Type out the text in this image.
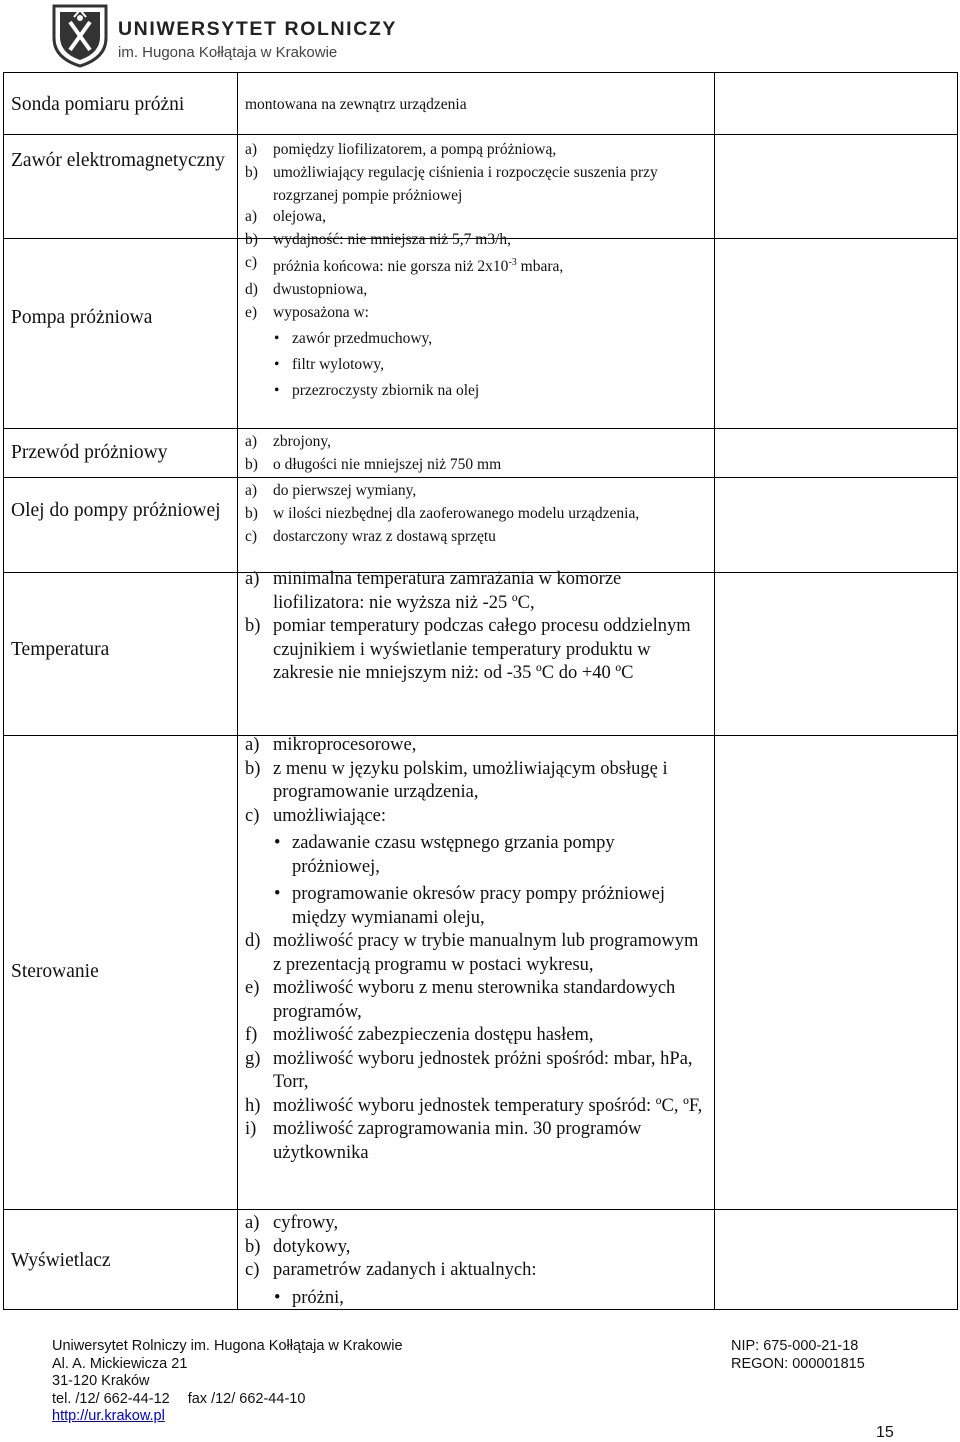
UNIWERSYTET ROLNICZY
im. Hugona Kołłątaja w Krakowie
Sonda pomiaru próżni	montowana na zewnątrz urządzenia
Zawór elektromagnetyczny
a) pomiędzy liofilizatorem, a pompą próżniową,
b) umożliwiający regulację ciśnienia i rozpoczęcie suszenia przy rozgrzanej pompie próżniowej
Pompa próżniowa
a) olejowa,
b) wydajność: nie mniejsza niż 5,7 m3/h,
c) próżnia końcowa: nie gorsza niż $2x10^{-3}$ mbara,
d) dwustopniowa,
e) wyposażona w:
• zawór przedmuchowy,
• filtr wylotowy,
• przezroczysty zbiornik na olej
Przewód próżniowy
a) zbrojony,
b) o długości nie mniejszej niż 750 mm
Olej do pompy próżniowej
a) do pierwszej wymiany,
b) w ilości niezbędnej dla zaoferowanego modelu urządzenia,
c) dostarczony wraz z dostawą sprzętu
Temperatura
a) minimalna temperatura zamrażania w komorze liofilizatora: nie wyższa niż -25 ºC,
b) pomiar temperatury podczas całego procesu oddzielnym czujnikiem i wyświetlanie temperatury produktu w zakresie nie mniejszym niż: od -35 ºC do +40 ºC
Sterowanie
a) mikroprocesorowe,
b) z menu w języku polskim, umożliwiającym obsługę i programowanie urządzenia,
c) umożliwiające:
• zadawanie czasu wstępnego grzania pompy próżniowej,
• programowanie okresów pracy pompy próżniowej między wymianami oleju,
d) możliwość pracy w trybie manualnym lub programowym z prezentacją programu w postaci wykresu,
e) możliwość wyboru z menu sterownika standardowych programów,
f) możliwość zabezpieczenia dostępu hasłem,
g) możliwość wyboru jednostek próżni spośród: mbar, hPa, Torr,
h) możliwość wyboru jednostek temperatury spośród: ºC, ºF,
i) możliwość zaprogramowania min. 30 programów użytkownika
Wyświetlacz
a) cyfrowy,
b) dotykowy,
c) parametrów zadanych i aktualnych:
• próżni,
Uniwersytet Rolniczy im. Hugona Kołłątaja w Krakowie
Al. A. Mickiewicza 21
31-120 Kraków
tel. /12/ 662-44-12 fax /12/ 662-44-10
http://ur.krakow.pl
NIP: 675-000-21-18
REGON: 000001815
15
